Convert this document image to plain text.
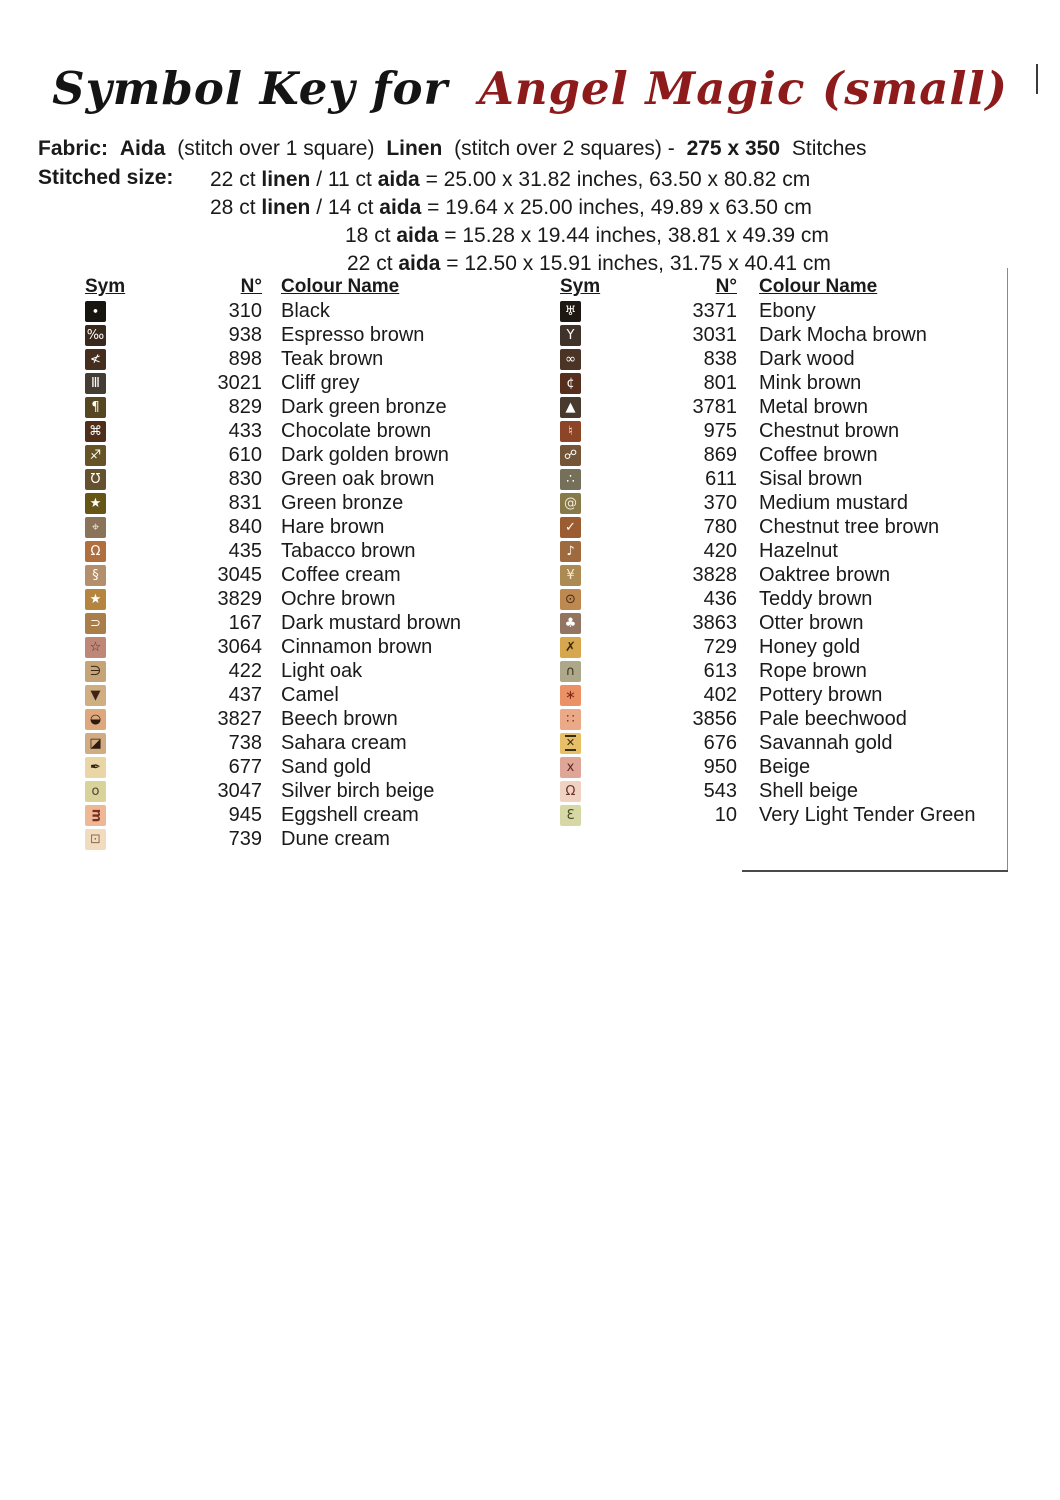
Symbol Key for Angel Magic (small)
Fabric: Aida (stitch over 1 square) Linen (stitch over 2 squares) - 275 x 350 Stitches
Stitched size: 22 ct linen / 11 ct aida = 25.00 x 31.82 inches, 63.50 x 80.82 cm
28 ct linen / 14 ct aida = 19.64 x 25.00 inches, 49.89 x 63.50 cm
18 ct aida = 15.28 x 19.44 inches, 38.81 x 49.39 cm
22 ct aida = 12.50 x 15.91 inches, 31.75 x 40.41 cm
Sym	N°	Colour Name
∙	310 Black
‰	938 Espresso brown
≮	898 Teak brown
Ⅲ	3021 Cliff grey
¶	829 Dark green bronze
⌘	433 Chocolate brown
♐	610 Dark golden brown
Ʊ	830 Green oak brown
★	831 Green bronze
⌖	840 Hare brown
Ω	435 Tabacco brown
§	3045 Coffee cream
★	3829 Ochre brown
⊃	167 Dark mustard brown
☆	3064 Cinnamon brown
∋	422 Light oak
▼	437 Camel
◒	3827 Beech brown
◪	738 Sahara cream
✒	677 Sand gold
o	3047 Silver birch beige
m	945 Eggshell cream
⊡	739 Dune cream
Sym	N°	Colour Name
♅	3371	Ebony
Y	3031	Dark Mocha brown
∞	838	Dark wood
¢	801	Mink brown
▲	3781	Metal brown
♮	975	Chestnut brown
☍	869	Coffee brown
∴	611	Sisal brown
@	370	Medium mustard
✓	780	Chestnut tree brown
♪	420	Hazelnut
¥	3828	Oaktree brown
⊙	436	Teddy brown
♣	3863	Otter brown
✗	729	Honey gold
∩	613	Rope brown
∗	402	Pottery brown
∷	3856	Pale beechwood
✕	676	Savannah gold
x	950	Beige
Ω	543	Shell beige
Ɛ	10	Very Light Tender Green
